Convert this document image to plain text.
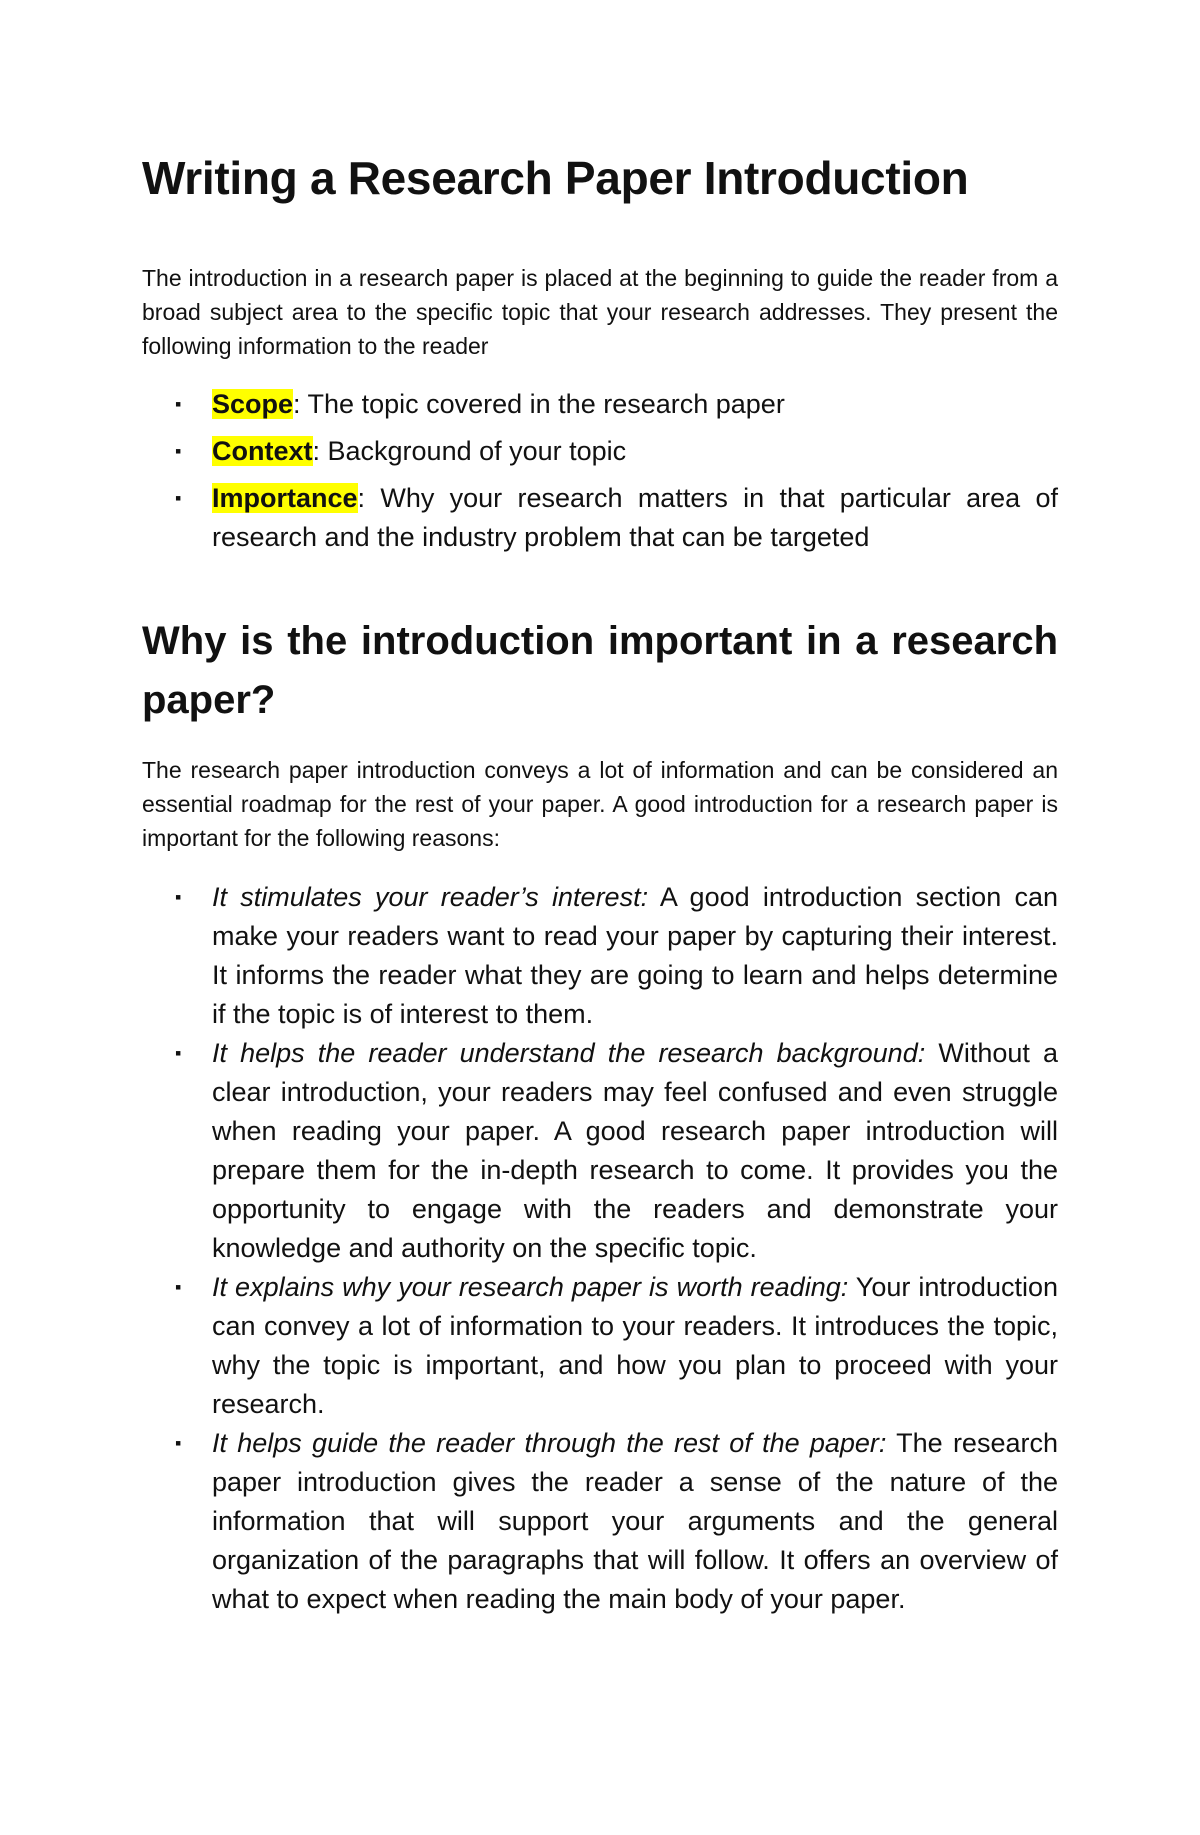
Writing a Research Paper Introduction

The introduction in a research paper is placed at the beginning to guide the reader from a broad subject area to the specific topic that your research addresses. They present the following information to the reader

▪ Scope: The topic covered in the research paper
▪ Context: Background of your topic
▪ Importance: Why your research matters in that particular area of research and the industry problem that can be targeted
Why is the introduction important in a research paper?

The research paper introduction conveys a lot of information and can be considered an essential roadmap for the rest of your paper. A good introduction for a research paper is important for the following reasons:

▪ It stimulates your reader’s interest: A good introduction section can make your readers want to read your paper by capturing their interest. It informs the reader what they are going to learn and helps determine if the topic is of interest to them.
▪ It helps the reader understand the research background: Without a clear introduction, your readers may feel confused and even struggle when reading your paper. A good research paper introduction will prepare them for the in-depth research to come. It provides you the opportunity to engage with the readers and demonstrate your knowledge and authority on the specific topic.
▪ It explains why your research paper is worth reading: Your introduction can convey a lot of information to your readers. It introduces the topic, why the topic is important, and how you plan to proceed with your research.
▪ It helps guide the reader through the rest of the paper: The research paper introduction gives the reader a sense of the nature of the information that will support your arguments and the general organization of the paragraphs that will follow. It offers an overview of what to expect when reading the main body of your paper.
